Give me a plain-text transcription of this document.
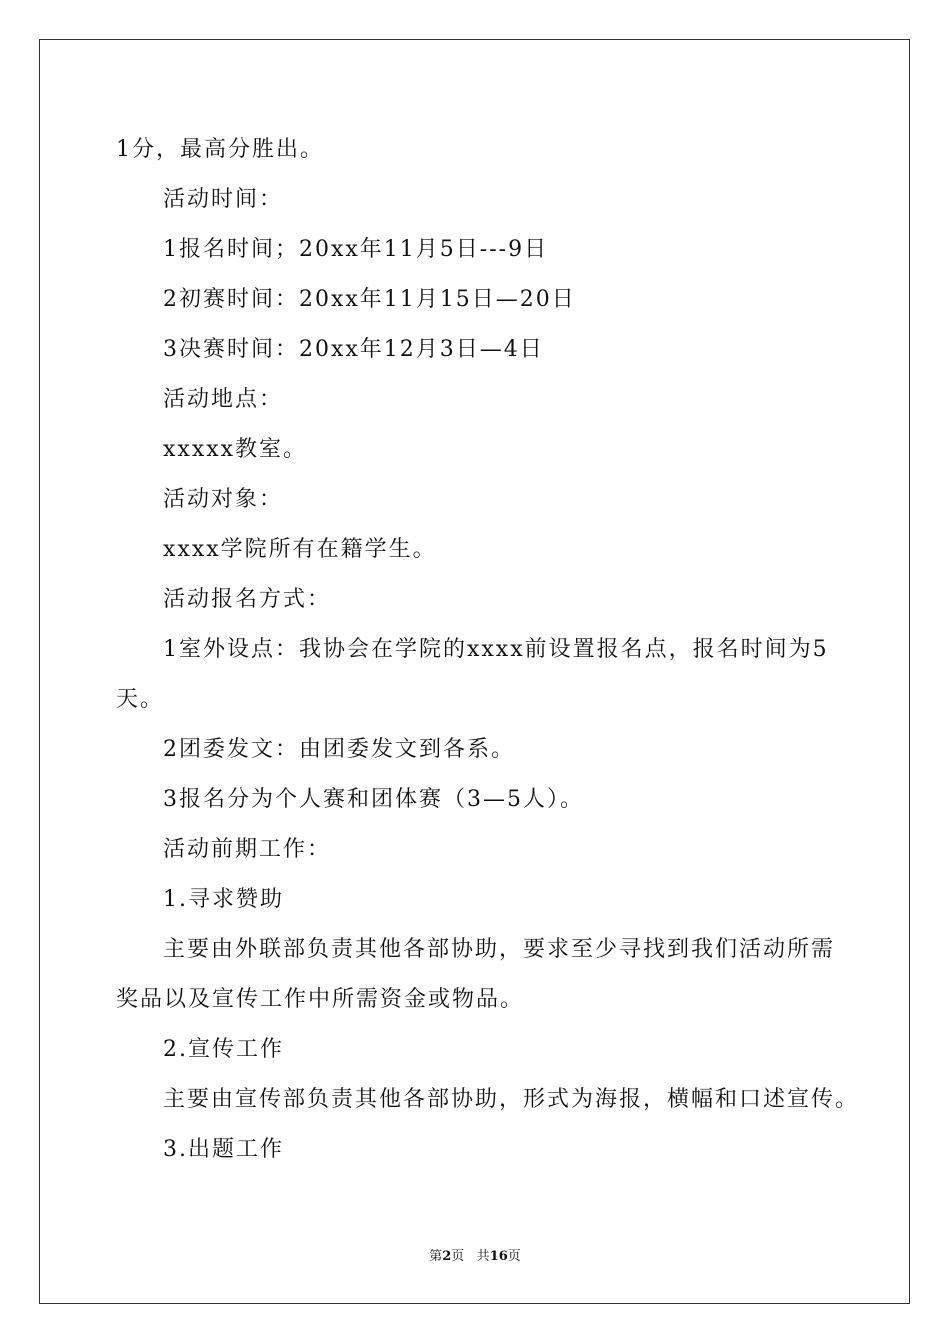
1分，最高分胜出。
活动时间：
1报名时间；20xx年11月5日---9日
2初赛时间：20xx年11月15日—20日
3决赛时间：20xx年12月3日—4日
活动地点：
xxxxx教室。
活动对象：
xxxx学院所有在籍学生。
活动报名方式：
1室外设点：我协会在学院的xxxx前设置报名点，报名时间为5
天。
2团委发文：由团委发文到各系。
3报名分为个人赛和团体赛（3—5人）。
活动前期工作：
1.寻求赞助
主要由外联部负责其他各部协助，要求至少寻找到我们活动所需
奖品以及宣传工作中所需资金或物品。
2.宣传工作
主要由宣传部负责其他各部协助，形式为海报，横幅和口述宣传。
3.出题工作
第2页 共16页
